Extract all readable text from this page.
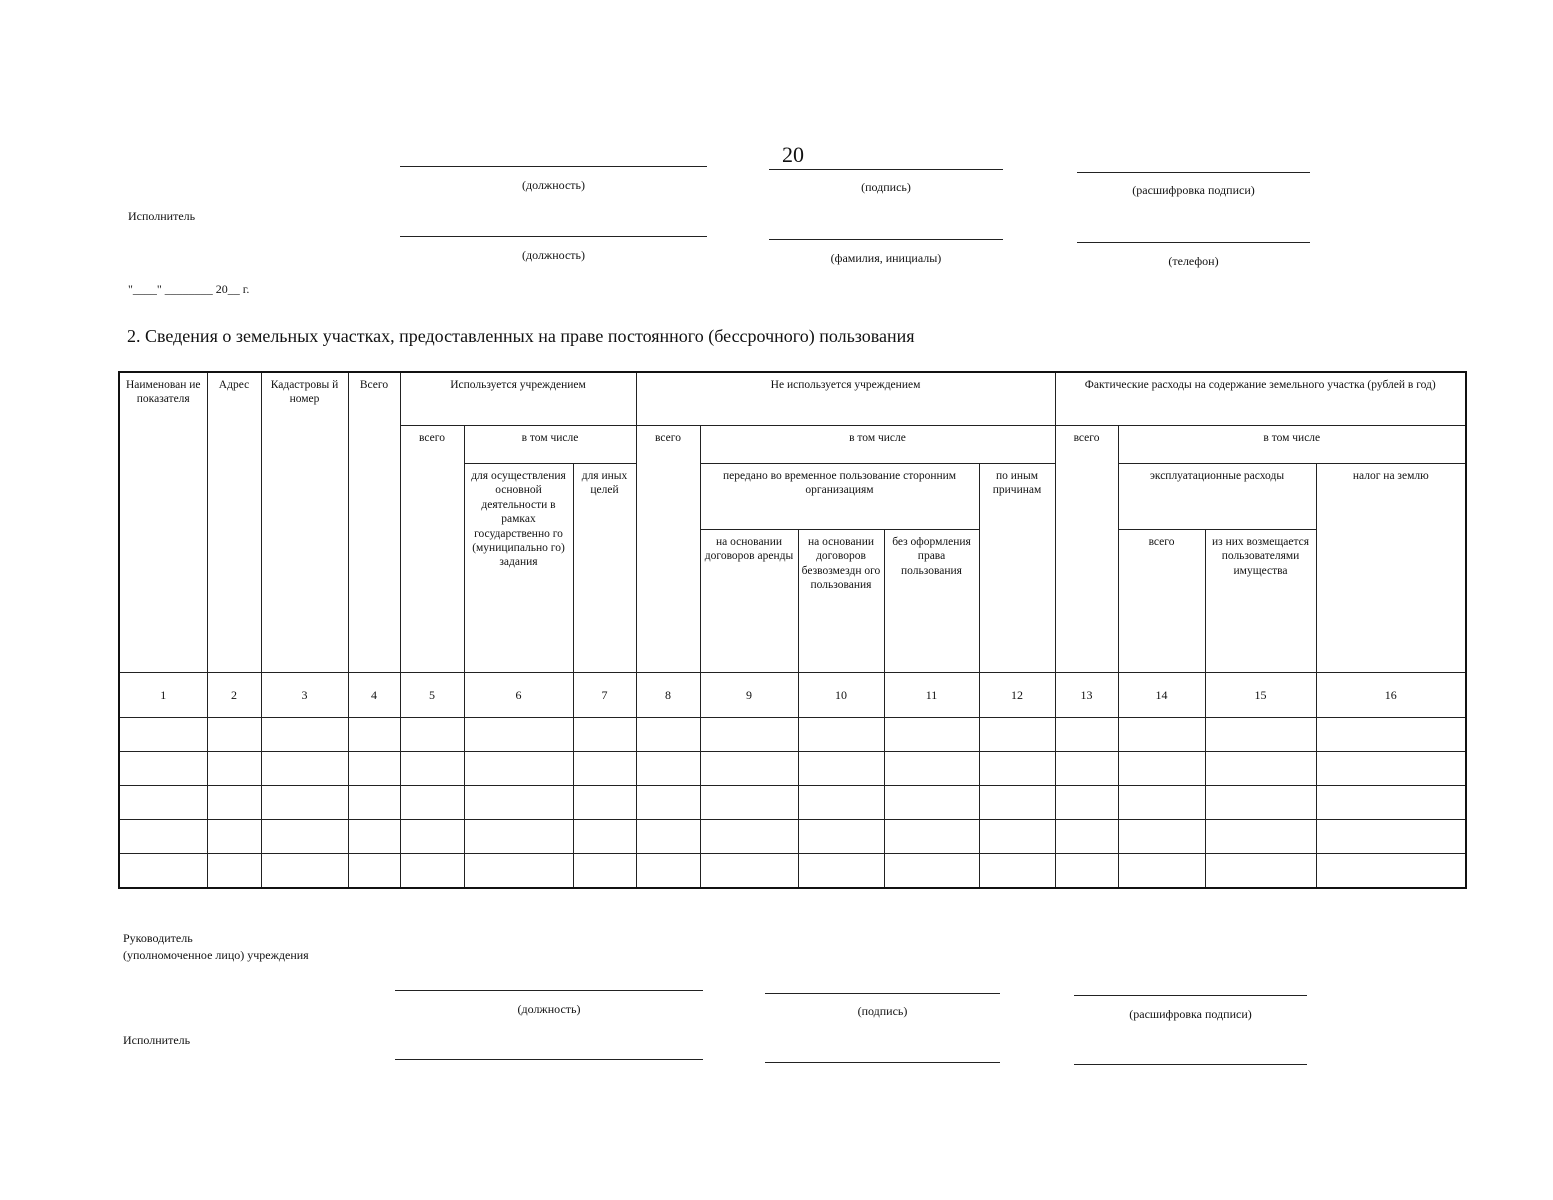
20
(должность)	(подпись)	(расшифровка подписи)
Исполнитель
(должность)	(фамилия, инициалы)	(телефон)
"____" ________ 20__ г.
2. Сведения о земельных участках, предоставленных на праве постоянного (бессрочного) пользования
Наименован ие показателя	Адрес	Кадастровы й номер	Всего	Используется учреждением			Не используется учреждением					Фактические расходы на содержание земельного участка (рублей в год)			
				всего	в том числе		всего	в том числе				всего	в том числе		
					для осуществления основной деятельности в рамках государственно го (муниципально го) задания	для иных целей		передано во временное пользование сторонним организациям			по иным причинам		эксплуатационные расходы		налог на землю
								на основании договоров аренды	на основании договоров безвозмездн ого пользования	без оформления права пользования			всего	из них возмещается пользователями имущества	
1	2	3	4	5	6	7	8	9	10	11	12	13	14	15	16

Руководитель
(уполномоченное лицо) учреждения
(должность)	(подпись)	(расшифровка подписи)
Исполнитель
